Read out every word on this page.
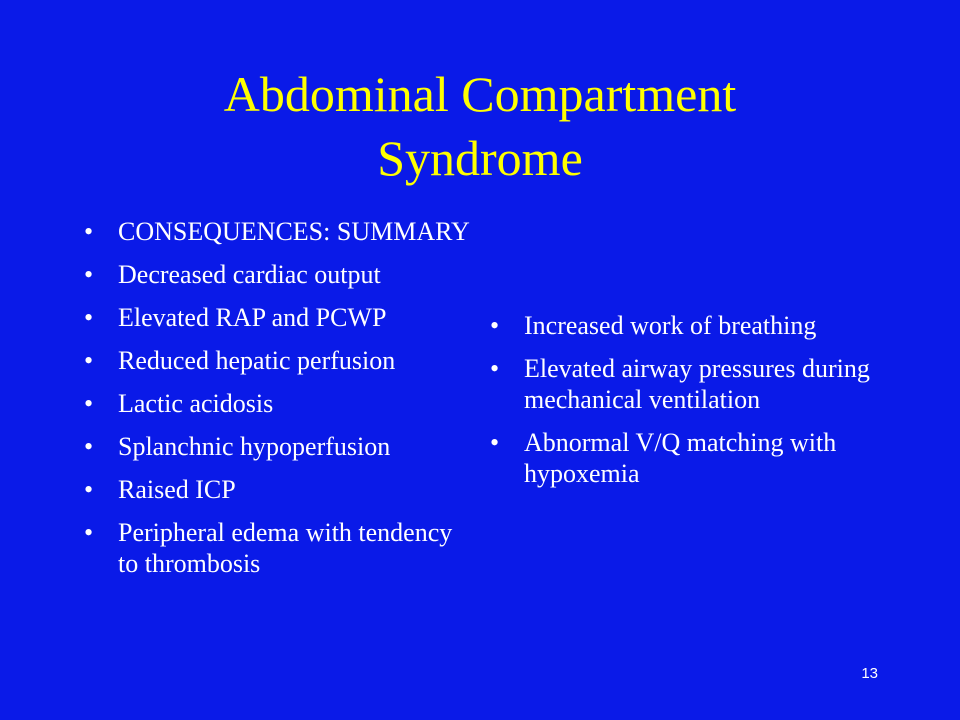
Abdominal Compartment
Syndrome
• CONSEQUENCES: SUMMARY
• Decreased cardiac output
• Elevated RAP and PCWP
• Reduced hepatic perfusion
• Lactic acidosis
• Splanchnic hypoperfusion
• Raised ICP
• Peripheral edema with tendency to thrombosis
• Increased work of breathing
• Elevated airway pressures during mechanical ventilation
• Abnormal V/Q matching with hypoxemia
13
